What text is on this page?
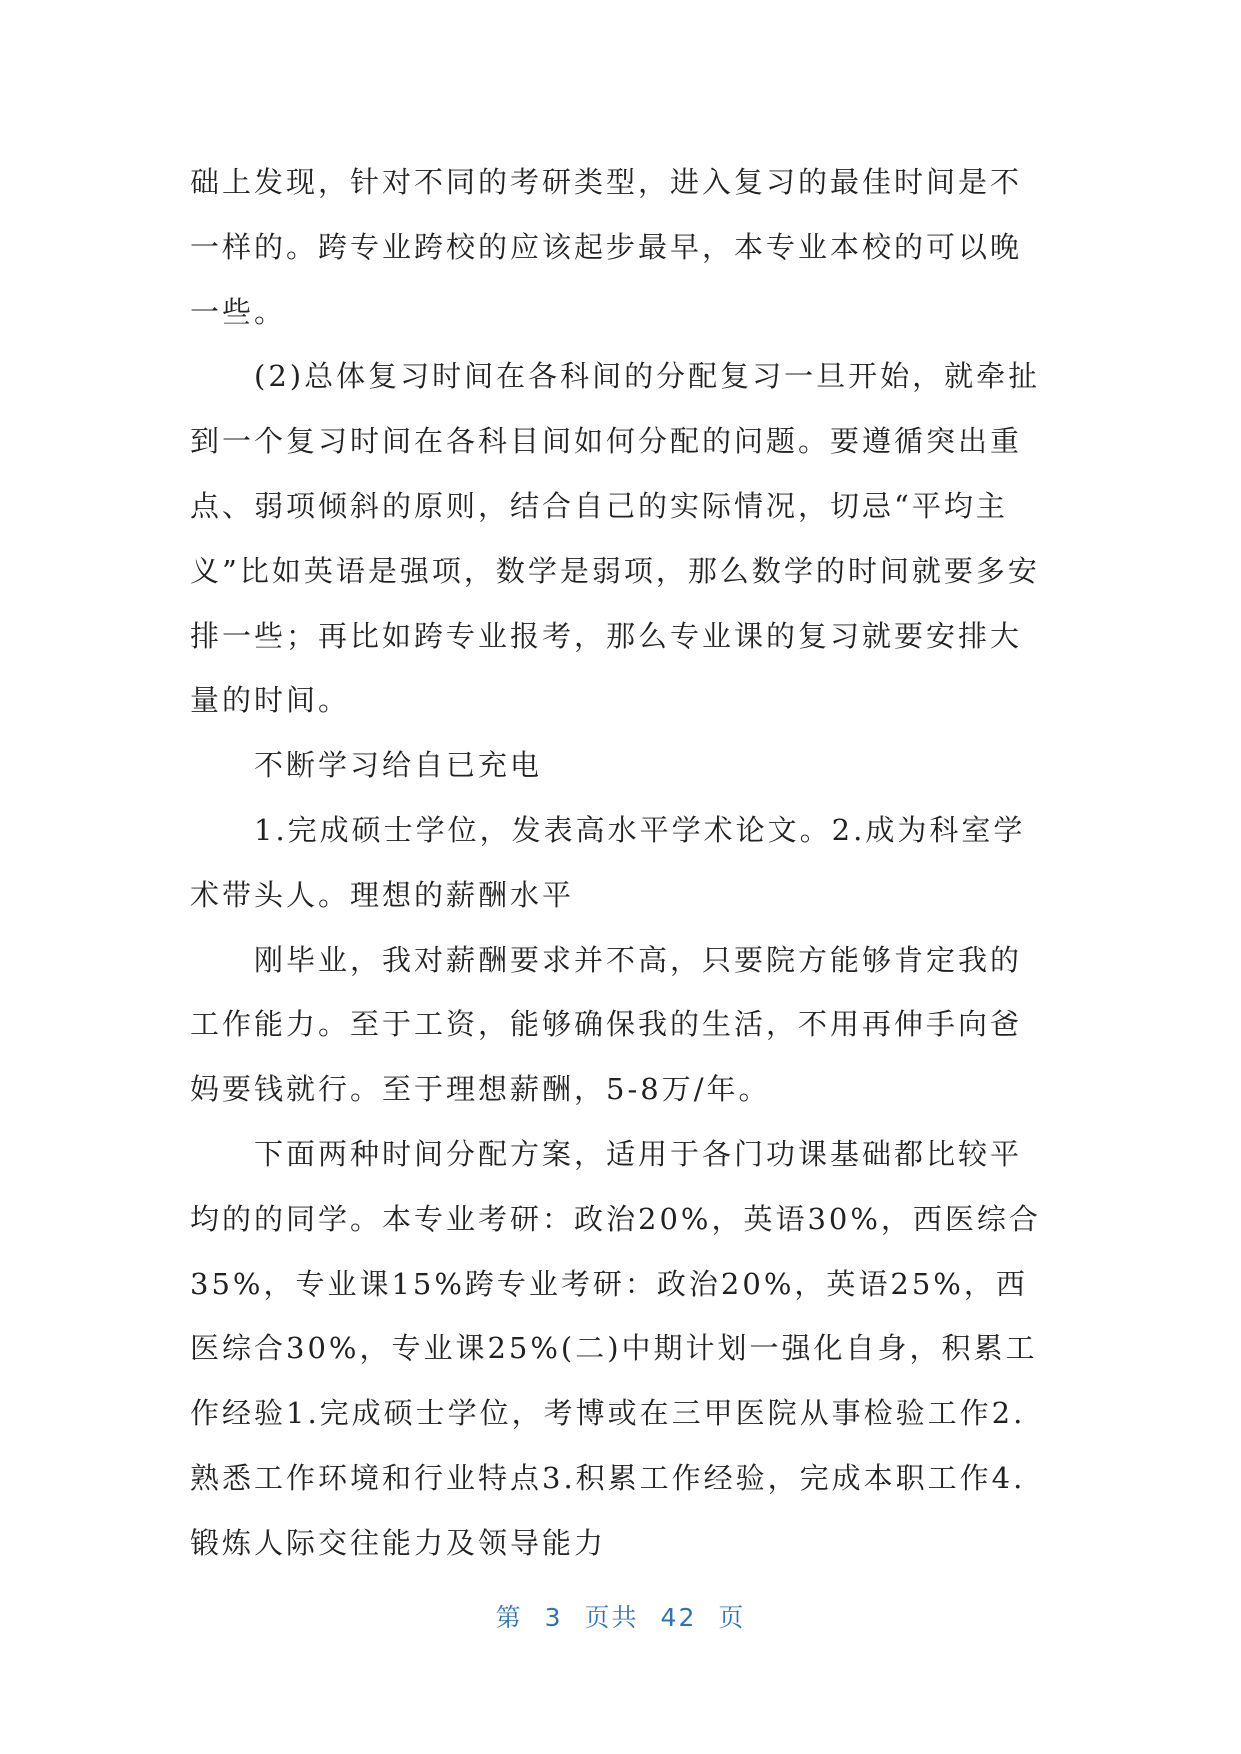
础上发现，针对不同的考研类型，进入复习的最佳时间是不一样的。跨专业跨校的应该起步最早，本专业本校的可以晚一些。

(2)总体复习时间在各科间的分配复习一旦开始，就牵扯到一个复习时间在各科目间如何分配的问题。要遵循突出重点、弱项倾斜的原则，结合自己的实际情况，切忌“平均主义”比如英语是强项，数学是弱项，那么数学的时间就要多安排一些；再比如跨专业报考，那么专业课的复习就要安排大量的时间。

不断学习给自已充电

1.完成硕士学位，发表高水平学术论文。2.成为科室学术带头人。理想的薪酬水平

刚毕业，我对薪酬要求并不高，只要院方能够肯定我的工作能力。至于工资，能够确保我的生活，不用再伸手向爸妈要钱就行。至于理想薪酬，5-8万/年。

下面两种时间分配方案，适用于各门功课基础都比较平均的的同学。本专业考研：政治20%，英语30%，西医综合35%，专业课15%跨专业考研：政治20%，英语25%，西医综合30%，专业课25%(二)中期计划一强化自身，积累工作经验1.完成硕士学位，考博或在三甲医院从事检验工作2.熟悉工作环境和行业特点3.积累工作经验，完成本职工作4.锻炼人际交往能力及领导能力

第 3 页共 42 页
